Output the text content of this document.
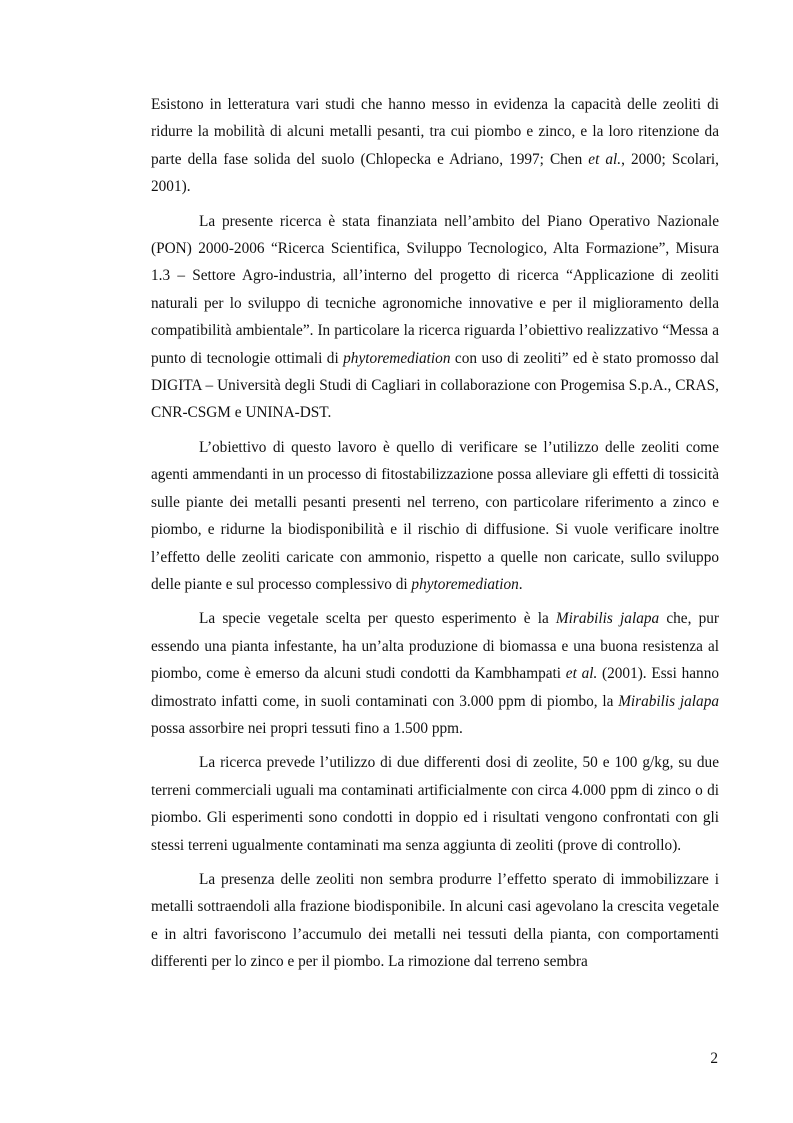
Esistono in letteratura vari studi che hanno messo in evidenza la capacità delle zeoliti di ridurre la mobilità di alcuni metalli pesanti, tra cui piombo e zinco, e la loro ritenzione da parte della fase solida del suolo (Chlopecka e Adriano, 1997; Chen et al., 2000; Scolari, 2001).

La presente ricerca è stata finanziata nell’ambito del Piano Operativo Nazionale (PON) 2000-2006 “Ricerca Scientifica, Sviluppo Tecnologico, Alta Formazione”, Misura 1.3 – Settore Agro-industria, all’interno del progetto di ricerca “Applicazione di zeoliti naturali per lo sviluppo di tecniche agronomiche innovative e per il miglioramento della compatibilità ambientale”. In particolare la ricerca riguarda l’obiettivo realizzativo “Messa a punto di tecnologie ottimali di phytoremediation con uso di zeoliti” ed è stato promosso dal DIGITA – Università degli Studi di Cagliari in collaborazione con Progemisa S.p.A., CRAS, CNR-CSGM e UNINA-DST.

L’obiettivo di questo lavoro è quello di verificare se l’utilizzo delle zeoliti come agenti ammendanti in un processo di fitostabilizzazione possa alleviare gli effetti di tossicità sulle piante dei metalli pesanti presenti nel terreno, con particolare riferimento a zinco e piombo, e ridurne la biodisponibilità e il rischio di diffusione. Si vuole verificare inoltre l’effetto delle zeoliti caricate con ammonio, rispetto a quelle non caricate, sullo sviluppo delle piante e sul processo complessivo di phytoremediation.

La specie vegetale scelta per questo esperimento è la Mirabilis jalapa che, pur essendo una pianta infestante, ha un’alta produzione di biomassa e una buona resistenza al piombo, come è emerso da alcuni studi condotti da Kambhampati et al. (2001). Essi hanno dimostrato infatti come, in suoli contaminati con 3.000 ppm di piombo, la Mirabilis jalapa possa assorbire nei propri tessuti fino a 1.500 ppm.

La ricerca prevede l’utilizzo di due differenti dosi di zeolite, 50 e 100 g/kg, su due terreni commerciali uguali ma contaminati artificialmente con circa 4.000 ppm di zinco o di piombo. Gli esperimenti sono condotti in doppio ed i risultati vengono confrontati con gli stessi terreni ugualmente contaminati ma senza aggiunta di zeoliti (prove di controllo).

La presenza delle zeoliti non sembra produrre l’effetto sperato di immobilizzare i metalli sottraendoli alla frazione biodisponibile. In alcuni casi agevolano la crescita vegetale e in altri favoriscono l’accumulo dei metalli nei tessuti della pianta, con comportamenti differenti per lo zinco e per il piombo. La rimozione dal terreno sembra

2
